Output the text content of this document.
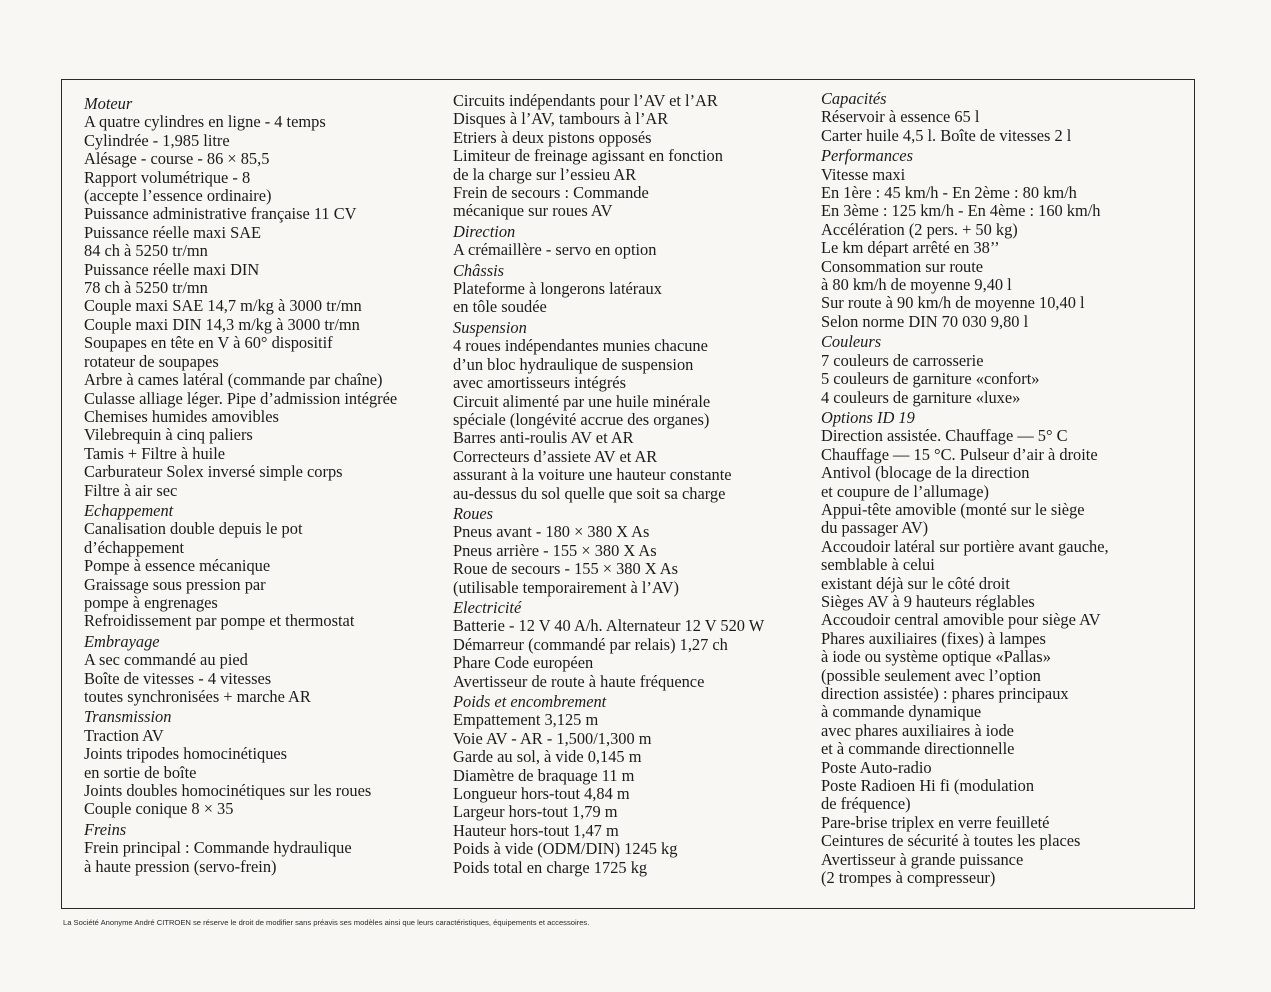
Moteur
A quatre cylindres en ligne - 4 temps
Cylindrée - 1,985 litre
Alésage - course - 86 × 85,5
Rapport volumétrique - 8
(accepte l’essence ordinaire)
Puissance administrative française 11 CV
Puissance réelle maxi SAE
84 ch à 5250 tr/mn
Puissance réelle maxi DIN
78 ch à 5250 tr/mn
Couple maxi SAE 14,7 m/kg à 3000 tr/mn
Couple maxi DIN 14,3 m/kg à 3000 tr/mn
Soupapes en tête en V à 60° dispositif
rotateur de soupapes
Arbre à cames latéral (commande par chaîne)
Culasse alliage léger. Pipe d’admission intégrée
Chemises humides amovibles
Vilebrequin à cinq paliers
Tamis + Filtre à huile
Carburateur Solex inversé simple corps
Filtre à air sec
Echappement
Canalisation double depuis le pot
d’échappement
Pompe à essence mécanique
Graissage sous pression par
pompe à engrenages
Refroidissement par pompe et thermostat
Embrayage
A sec commandé au pied
Boîte de vitesses - 4 vitesses
toutes synchronisées + marche AR
Transmission
Traction AV
Joints tripodes homocinétiques
en sortie de boîte
Joints doubles homocinétiques sur les roues
Couple conique 8 × 35
Freins
Frein principal : Commande hydraulique
à haute pression (servo-frein)
Circuits indépendants pour l’AV et l’AR
Disques à l’AV, tambours à l’AR
Etriers à deux pistons opposés
Limiteur de freinage agissant en fonction
de la charge sur l’essieu AR
Frein de secours : Commande
mécanique sur roues AV
Direction
A crémaillère - servo en option
Châssis
Plateforme à longerons latéraux
en tôle soudée
Suspension
4 roues indépendantes munies chacune
d’un bloc hydraulique de suspension
avec amortisseurs intégrés
Circuit alimenté par une huile minérale
spéciale (longévité accrue des organes)
Barres anti-roulis AV et AR
Correcteurs d’assiete AV et AR
assurant à la voiture une hauteur constante
au-dessus du sol quelle que soit sa charge
Roues
Pneus avant - 180 × 380 X As
Pneus arrière - 155 × 380 X As
Roue de secours - 155 × 380 X As
(utilisable temporairement à l’AV)
Electricité
Batterie - 12 V 40 A/h. Alternateur 12 V 520 W
Démarreur (commandé par relais) 1,27 ch
Phare Code européen
Avertisseur de route à haute fréquence
Poids et encombrement
Empattement 3,125 m
Voie AV - AR - 1,500/1,300 m
Garde au sol, à vide 0,145 m
Diamètre de braquage 11 m
Longueur hors-tout 4,84 m
Largeur hors-tout 1,79 m
Hauteur hors-tout 1,47 m
Poids à vide (ODM/DIN) 1245 kg
Poids total en charge 1725 kg
Capacités
Réservoir à essence 65 l
Carter huile 4,5 l. Boîte de vitesses 2 l
Performances
Vitesse maxi
En 1ère : 45 km/h - En 2ème : 80 km/h
En 3ème : 125 km/h - En 4ème : 160 km/h
Accélération (2 pers. + 50 kg)
Le km départ arrêté en 38’’
Consommation sur route
à 80 km/h de moyenne 9,40 l
Sur route à 90 km/h de moyenne 10,40 l
Selon norme DIN 70 030 9,80 l
Couleurs
7 couleurs de carrosserie
5 couleurs de garniture «confort»
4 couleurs de garniture «luxe»
Options ID 19
Direction assistée. Chauffage — 5° C
Chauffage — 15 °C. Pulseur d’air à droite
Antivol (blocage de la direction
et coupure de l’allumage)
Appui-tête amovible (monté sur le siège
du passager AV)
Accoudoir latéral sur portière avant gauche,
semblable à celui
existant déjà sur le côté droit
Sièges AV à 9 hauteurs réglables
Accoudoir central amovible pour siège AV
Phares auxiliaires (fixes) à lampes
à iode ou système optique «Pallas»
(possible seulement avec l’option
direction assistée) : phares principaux
à commande dynamique
avec phares auxiliaires à iode
et à commande directionnelle
Poste Auto-radio
Poste Radioen Hi fi (modulation
de fréquence)
Pare-brise triplex en verre feuilleté
Ceintures de sécurité à toutes les places
Avertisseur à grande puissance
(2 trompes à compresseur)
La Société Anonyme André CITROEN se réserve le droit de modifier sans préavis ses modèles ainsi que leurs caractéristiques, équipements et accessoires.
